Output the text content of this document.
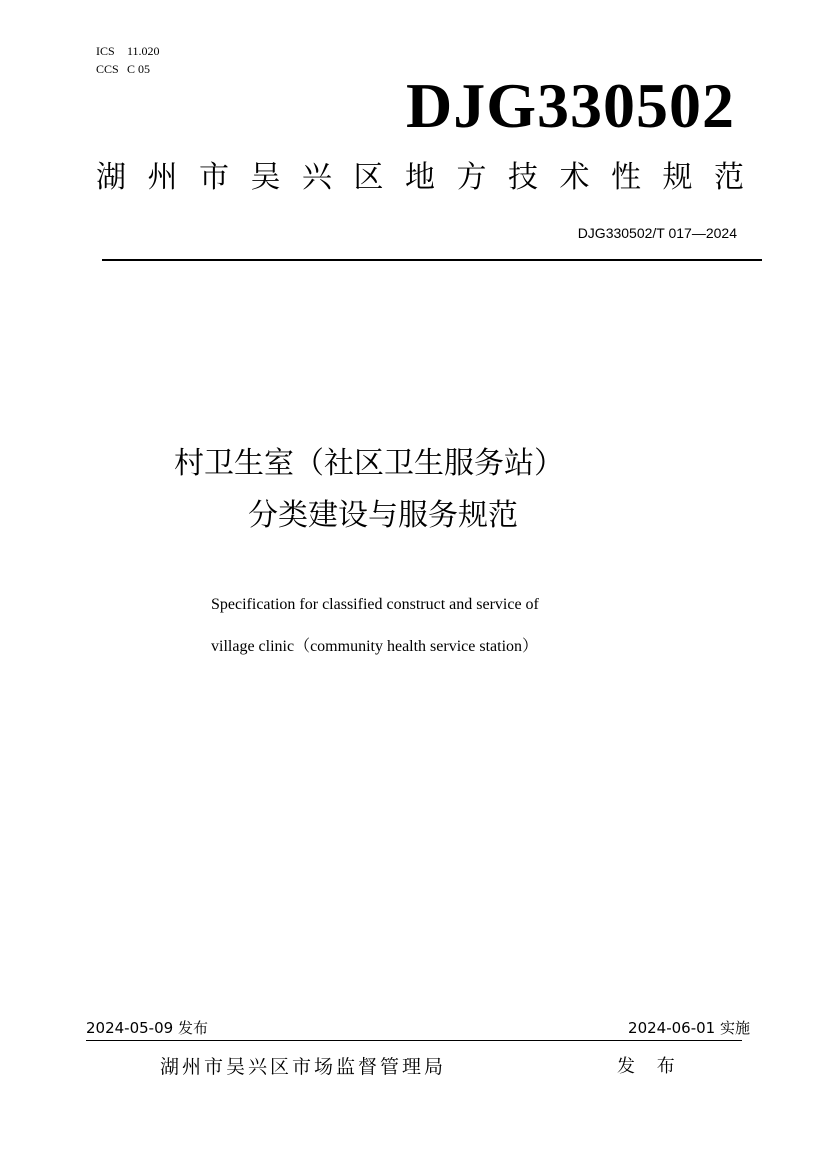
ICS 11.020
CCS C 05
DJG330502
湖 州 市 吴 兴 区 地 方 技 术 性 规 范
DJG330502/T 017—2024
村卫生室（社区卫生服务站）
分类建设与服务规范
Specification for classified construct and service of
village clinic（community health service station）
2024-05-09 发布	2024-06-01 实施
湖州市吴兴区市场监督管理局	发 布
